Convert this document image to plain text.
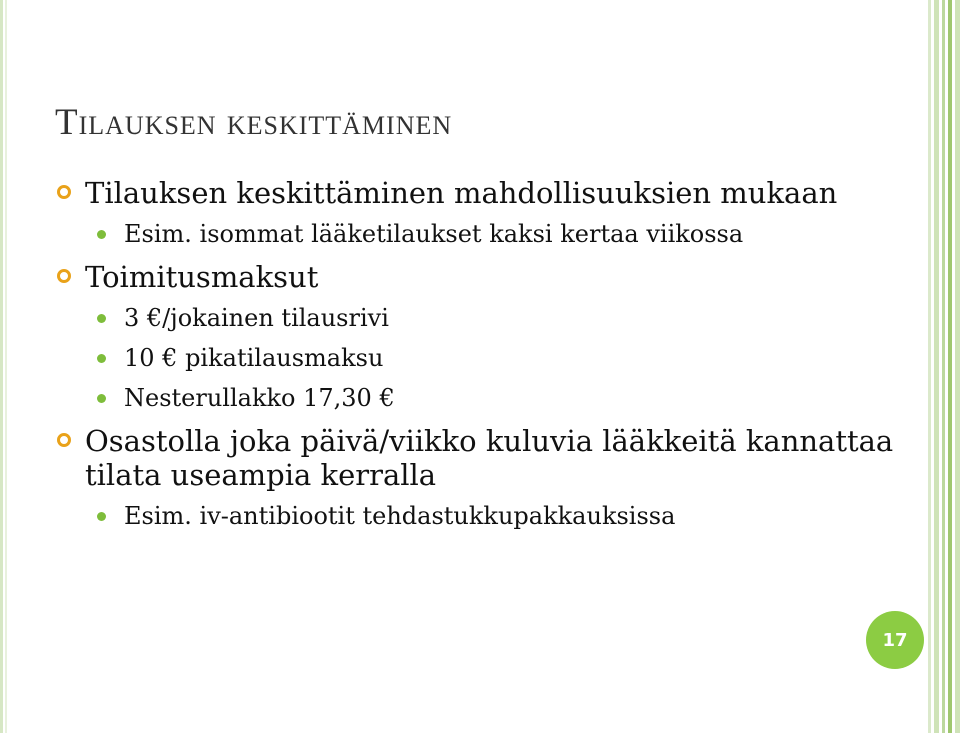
Tilauksen keskittäminen
Tilauksen keskittäminen mahdollisuuksien mukaan
Esim. isommat lääketilaukset kaksi kertaa viikossa
Toimitusmaksut
3 €/jokainen tilausrivi
10 € pikatilausmaksu
Nesterullakko 17,30 €
Osastolla joka päivä/viikko kuluvia lääkkeitä kannattaa tilata useampia kerralla
Esim. iv-antibiootit tehdastukkupakkauksissa
17
